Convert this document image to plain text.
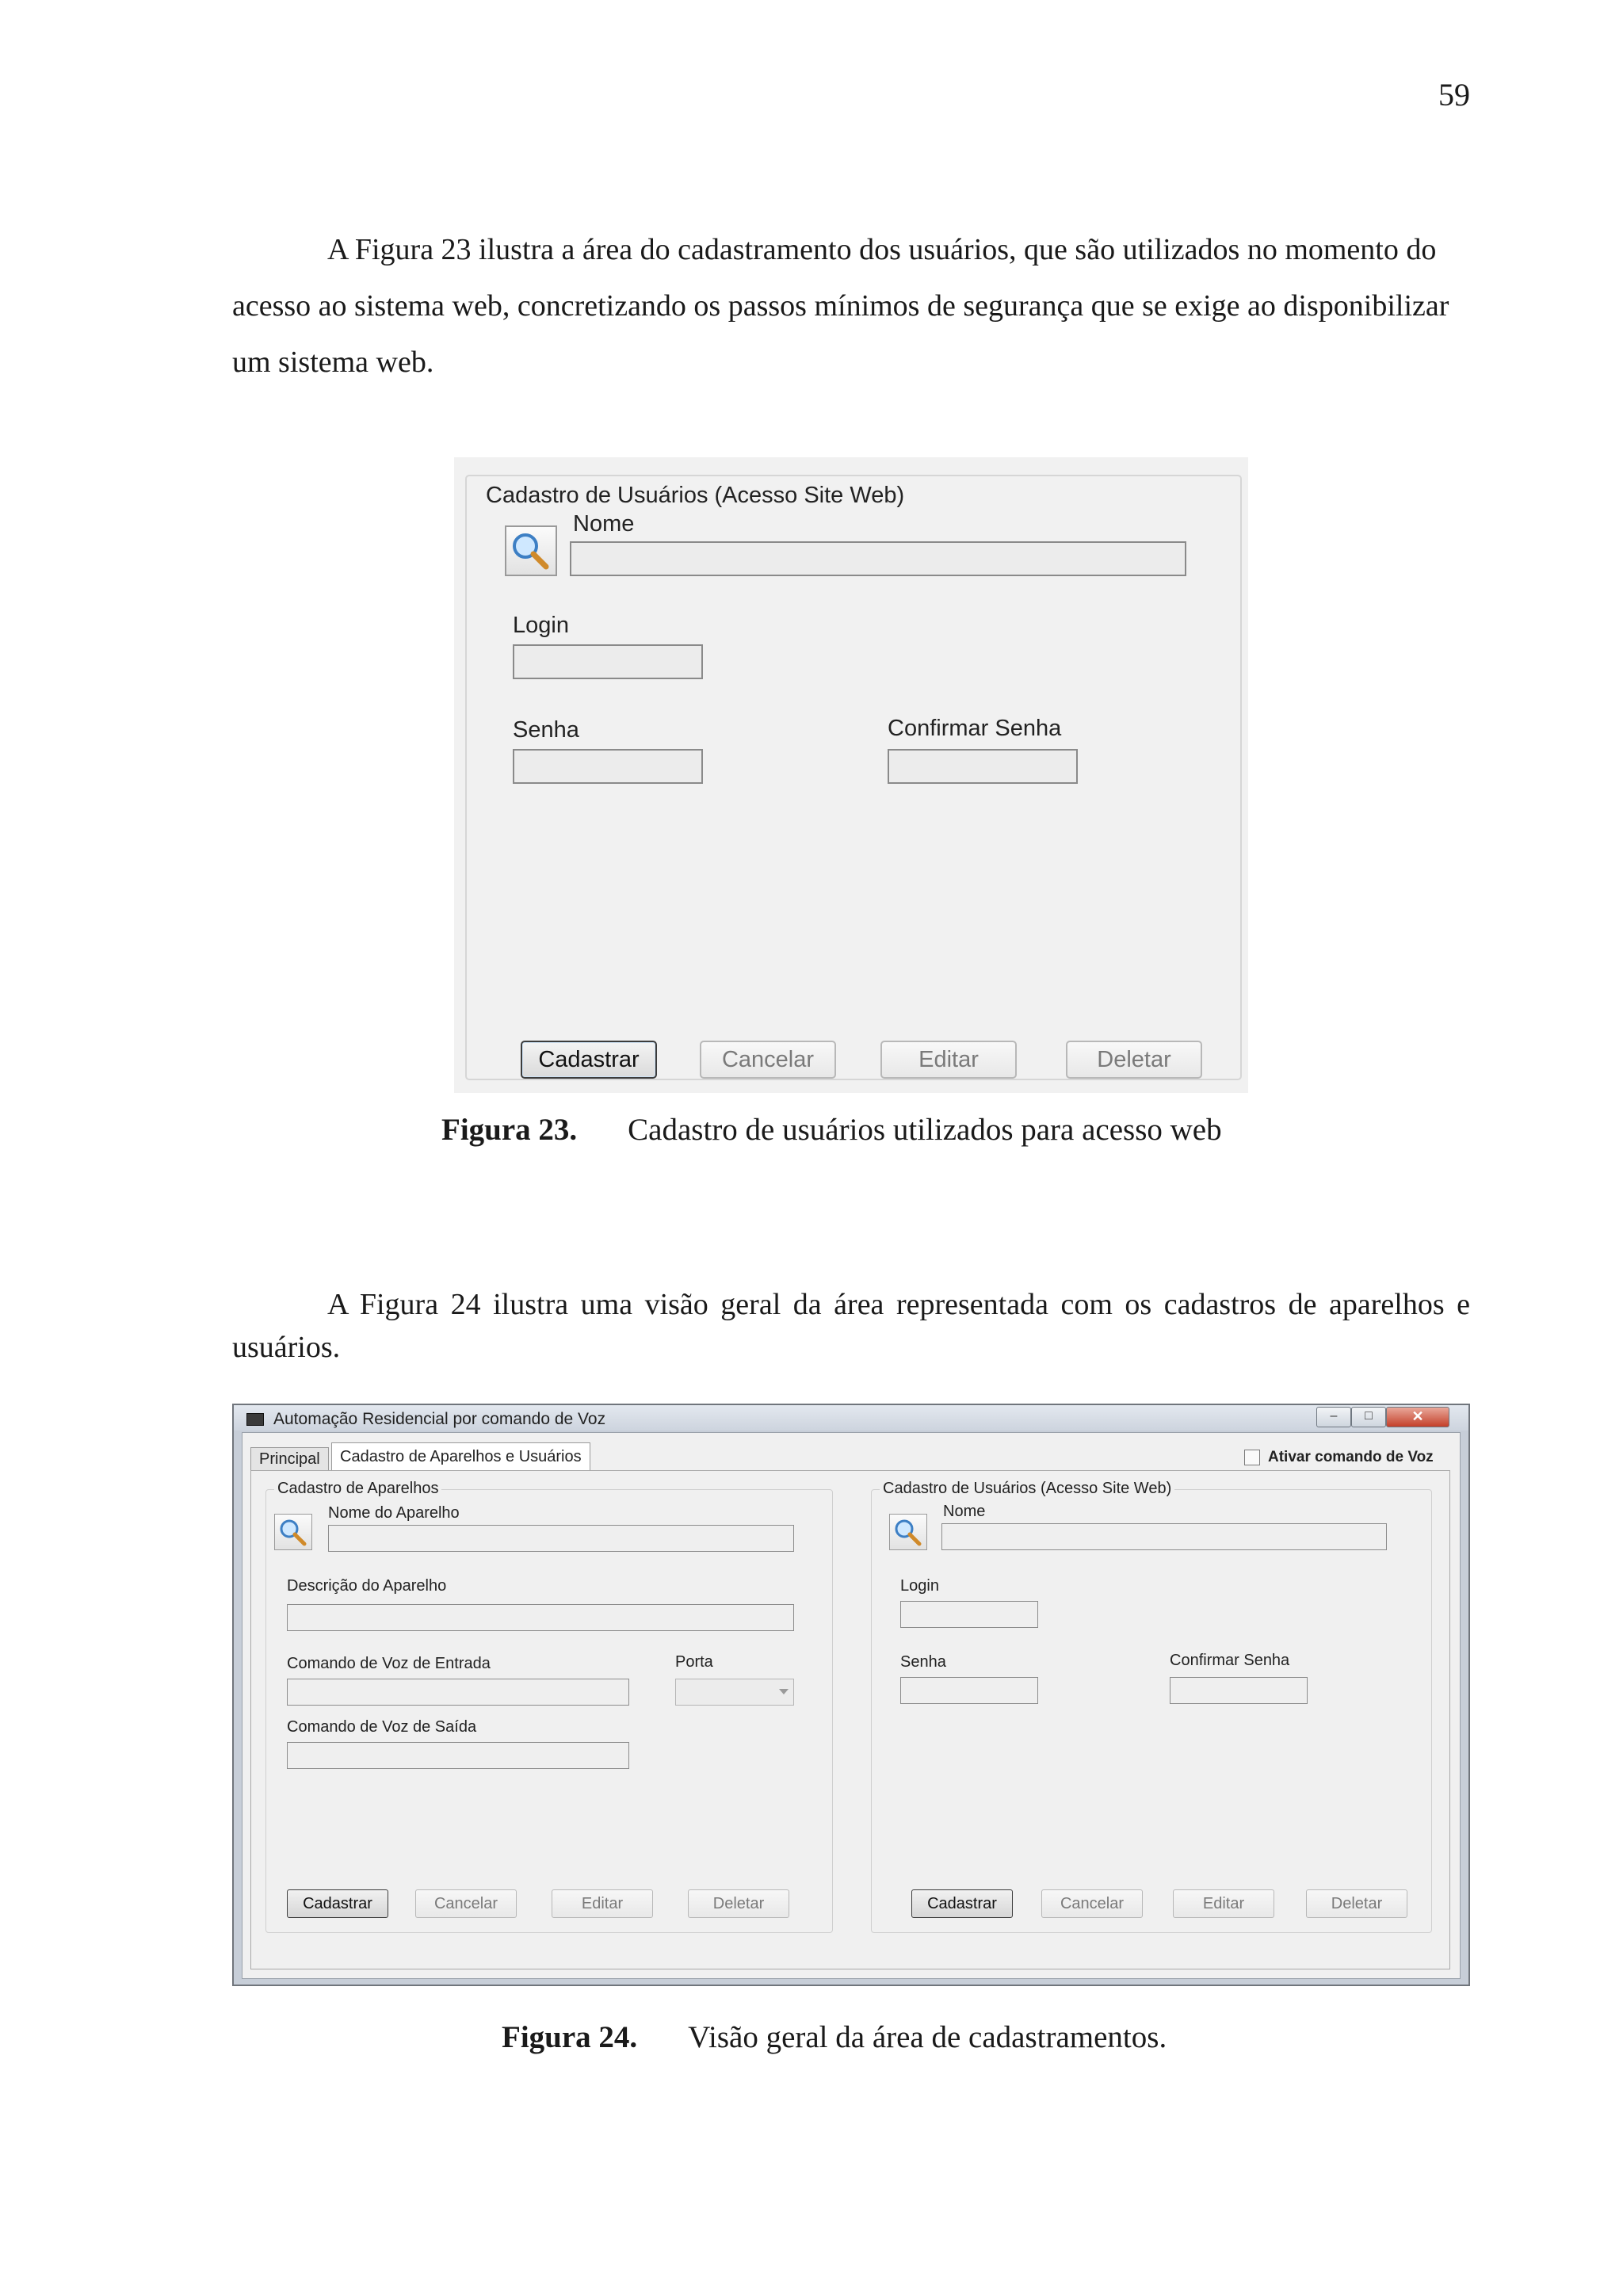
59

A Figura 23 ilustra a área do cadastramento dos usuários, que são utilizados no momento do acesso ao sistema web, concretizando os passos mínimos de segurança que se exige ao disponibilizar um sistema web.

Cadastro de Usuários (Acesso Site Web)
Nome
Login
Senha	Confirmar Senha
Cadastrar	Cancelar	Editar	Deletar
Figura 23. Cadastro de usuários utilizados para acesso web

A Figura 24 ilustra uma visão geral da área representada com os cadastros de aparelhos e usuários.

Automação Residencial por comando de Voz	–	□	✕
Principal	Cadastro de Aparelhos e Usuários	Ativar comando de Voz
Cadastro de Aparelhos
Nome do Aparelho
Descrição do Aparelho
Comando de Voz de Entrada	Porta
Comando de Voz de Saída
Cadastrar	Cancelar	Editar	Deletar
Cadastro de Usuários (Acesso Site Web)
Nome
Login
Senha	Confirmar Senha
Cadastrar	Cancelar	Editar	Deletar
Figura 24. Visão geral da área de cadastramentos.
